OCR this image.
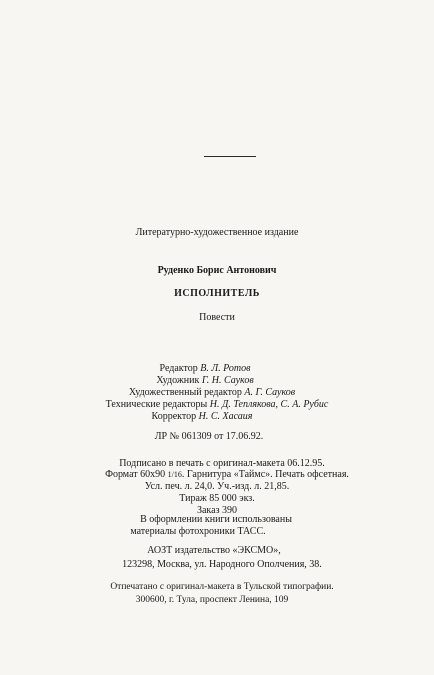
Литературно-художественное издание
Руденко Борис Антонович
ИСПОЛНИТЕЛЬ
Повести
Редактор В. Л. Ротов
Художник Г. Н. Сауков
Художественный редактор А. Г. Сауков
Технические редакторы Н. Д. Теплякова, С. А. Рубис
Корректор Н. С. Хасаия
ЛР № 061309 от 17.06.92.
Подписано в печать с оригинал-макета 06.12.95.
Формат 60х90 1/16. Гарнитура «Таймс». Печать офсетная.
Усл. печ. л. 24,0. Уч.-изд. л. 21,85.
Тираж 85 000 экз.
Заказ 390
В оформлении книги использованы
материалы фотохроники ТАСС.
АОЗТ издательство «ЭКСМО»,
123298, Москва, ул. Народного Ополчения, 38.
Отпечатано с оригинал-макета в Тульской типографии.
300600, г. Тула, проспект Ленина, 109
